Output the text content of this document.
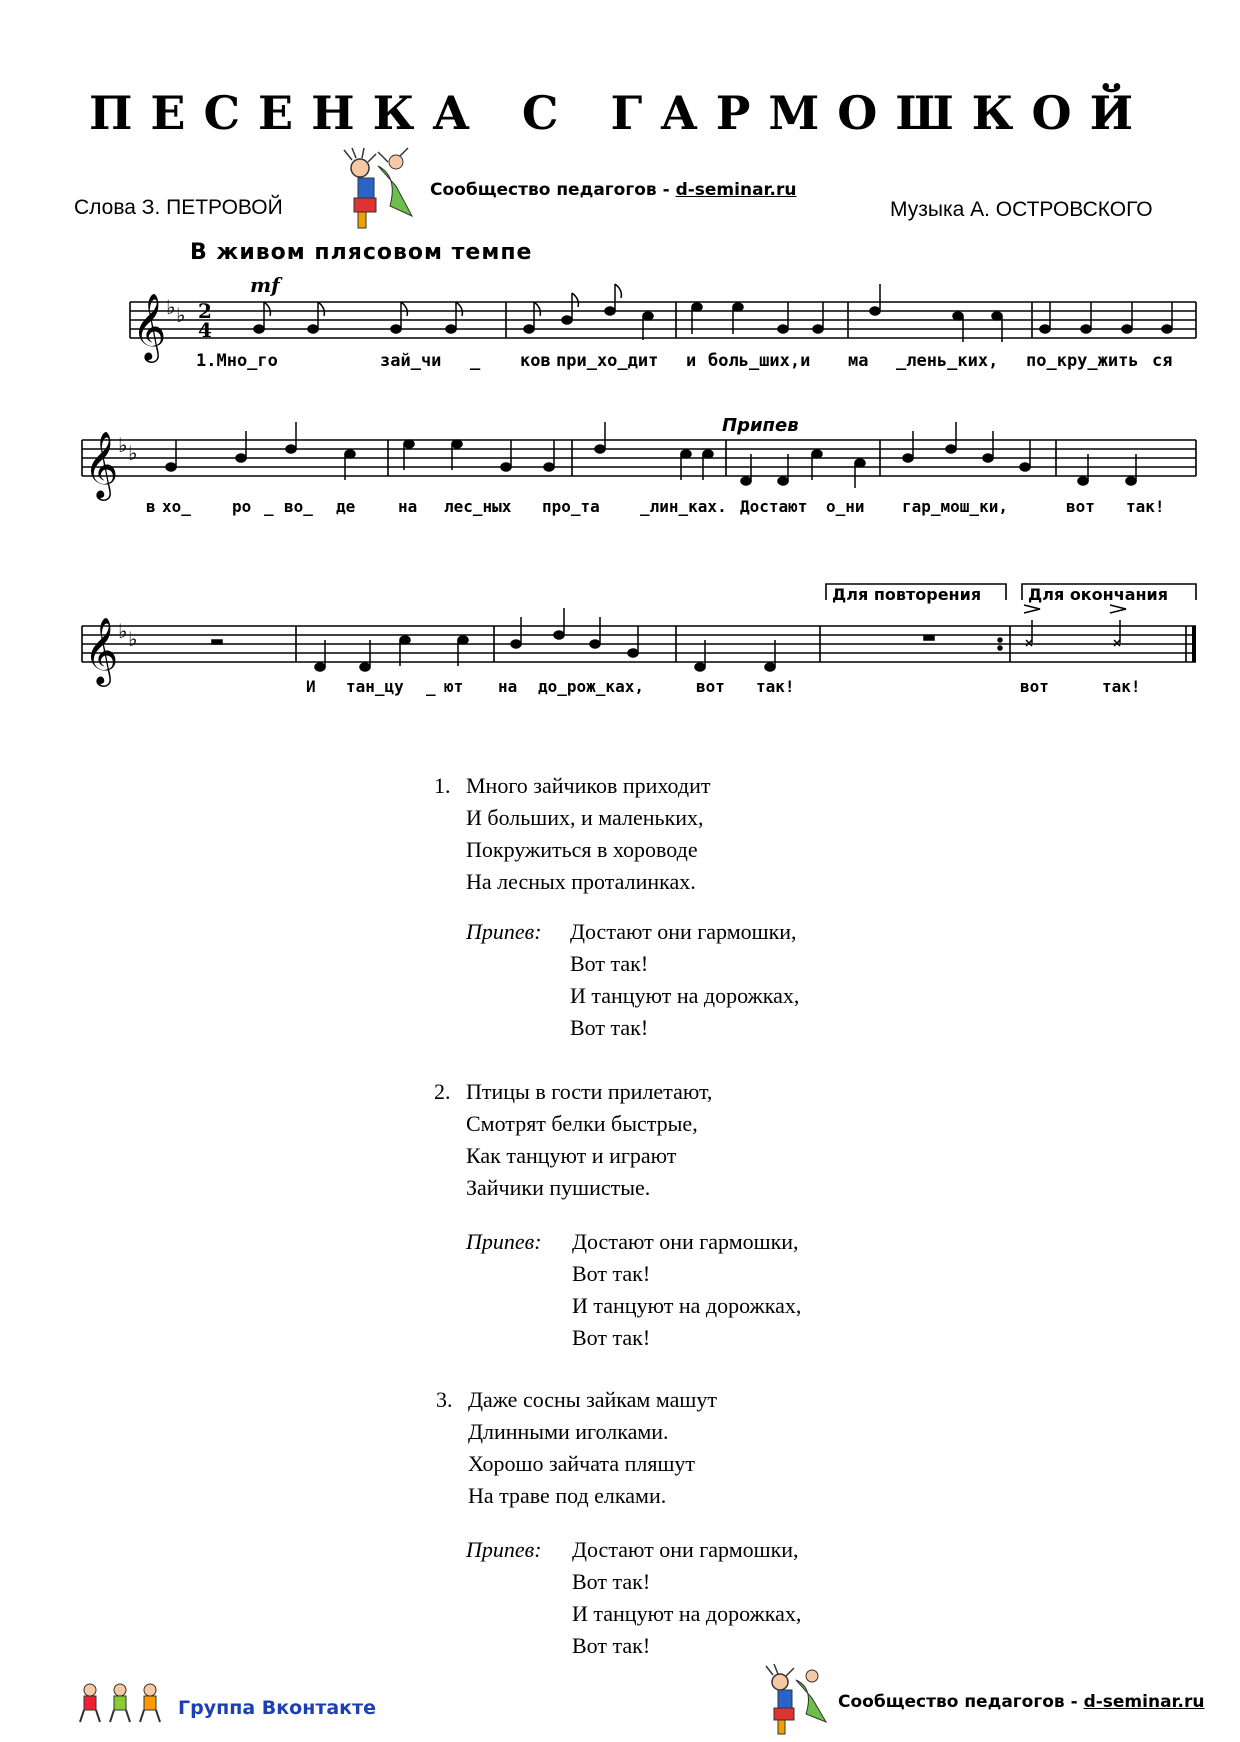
ПЕСЕНКА С ГАРМОШКОЙ
Слова З. ПЕТРОВОЙ	Музыка А. ОСТРОВСКОГО
Сообщество педагогов - d-seminar.ru
В живом плясовом темпе
𝄞
𝄞
𝄞
♭ ♭
♭ ♭
♭ ♭
2
4
mf
Для повторения	Для окончания
Припев
1.Мно_го	зай_чи _ ков при_хо_дит и боль_ших,и ма _лень_ких, по_кру_жить ся
в хо_	ро _ во_ де	на лес_ных про_та	_лин_ках. Достают о_ни гар_мош_ки,	вот так!
И тан_цу _ ют на до_рож_ках,	вот так!	вот	так!
1. Много зайчиков приходит
И больших, и маленьких,
Покружиться в хороводе
На лесных проталинках.
Припев: Достают они гармошки,
Вот так!
И танцуют на дорожках,
Вот так!
2. Птицы в гости прилетают,
Смотрят белки быстрые,
Как танцуют и играют
Зайчики пушистые.
Припев: Достают они гармошки,
Вот так!
И танцуют на дорожках,
Вот так!
3. Даже сосны зайкам машут
Длинными иголками.
Хорошо зайчата пляшут
На траве под елками.
Припев: Достают они гармошки,
Вот так!
И танцуют на дорожках,
Вот так!
Группа Вконтакте	Сообщество педагогов - d-seminar.ru
